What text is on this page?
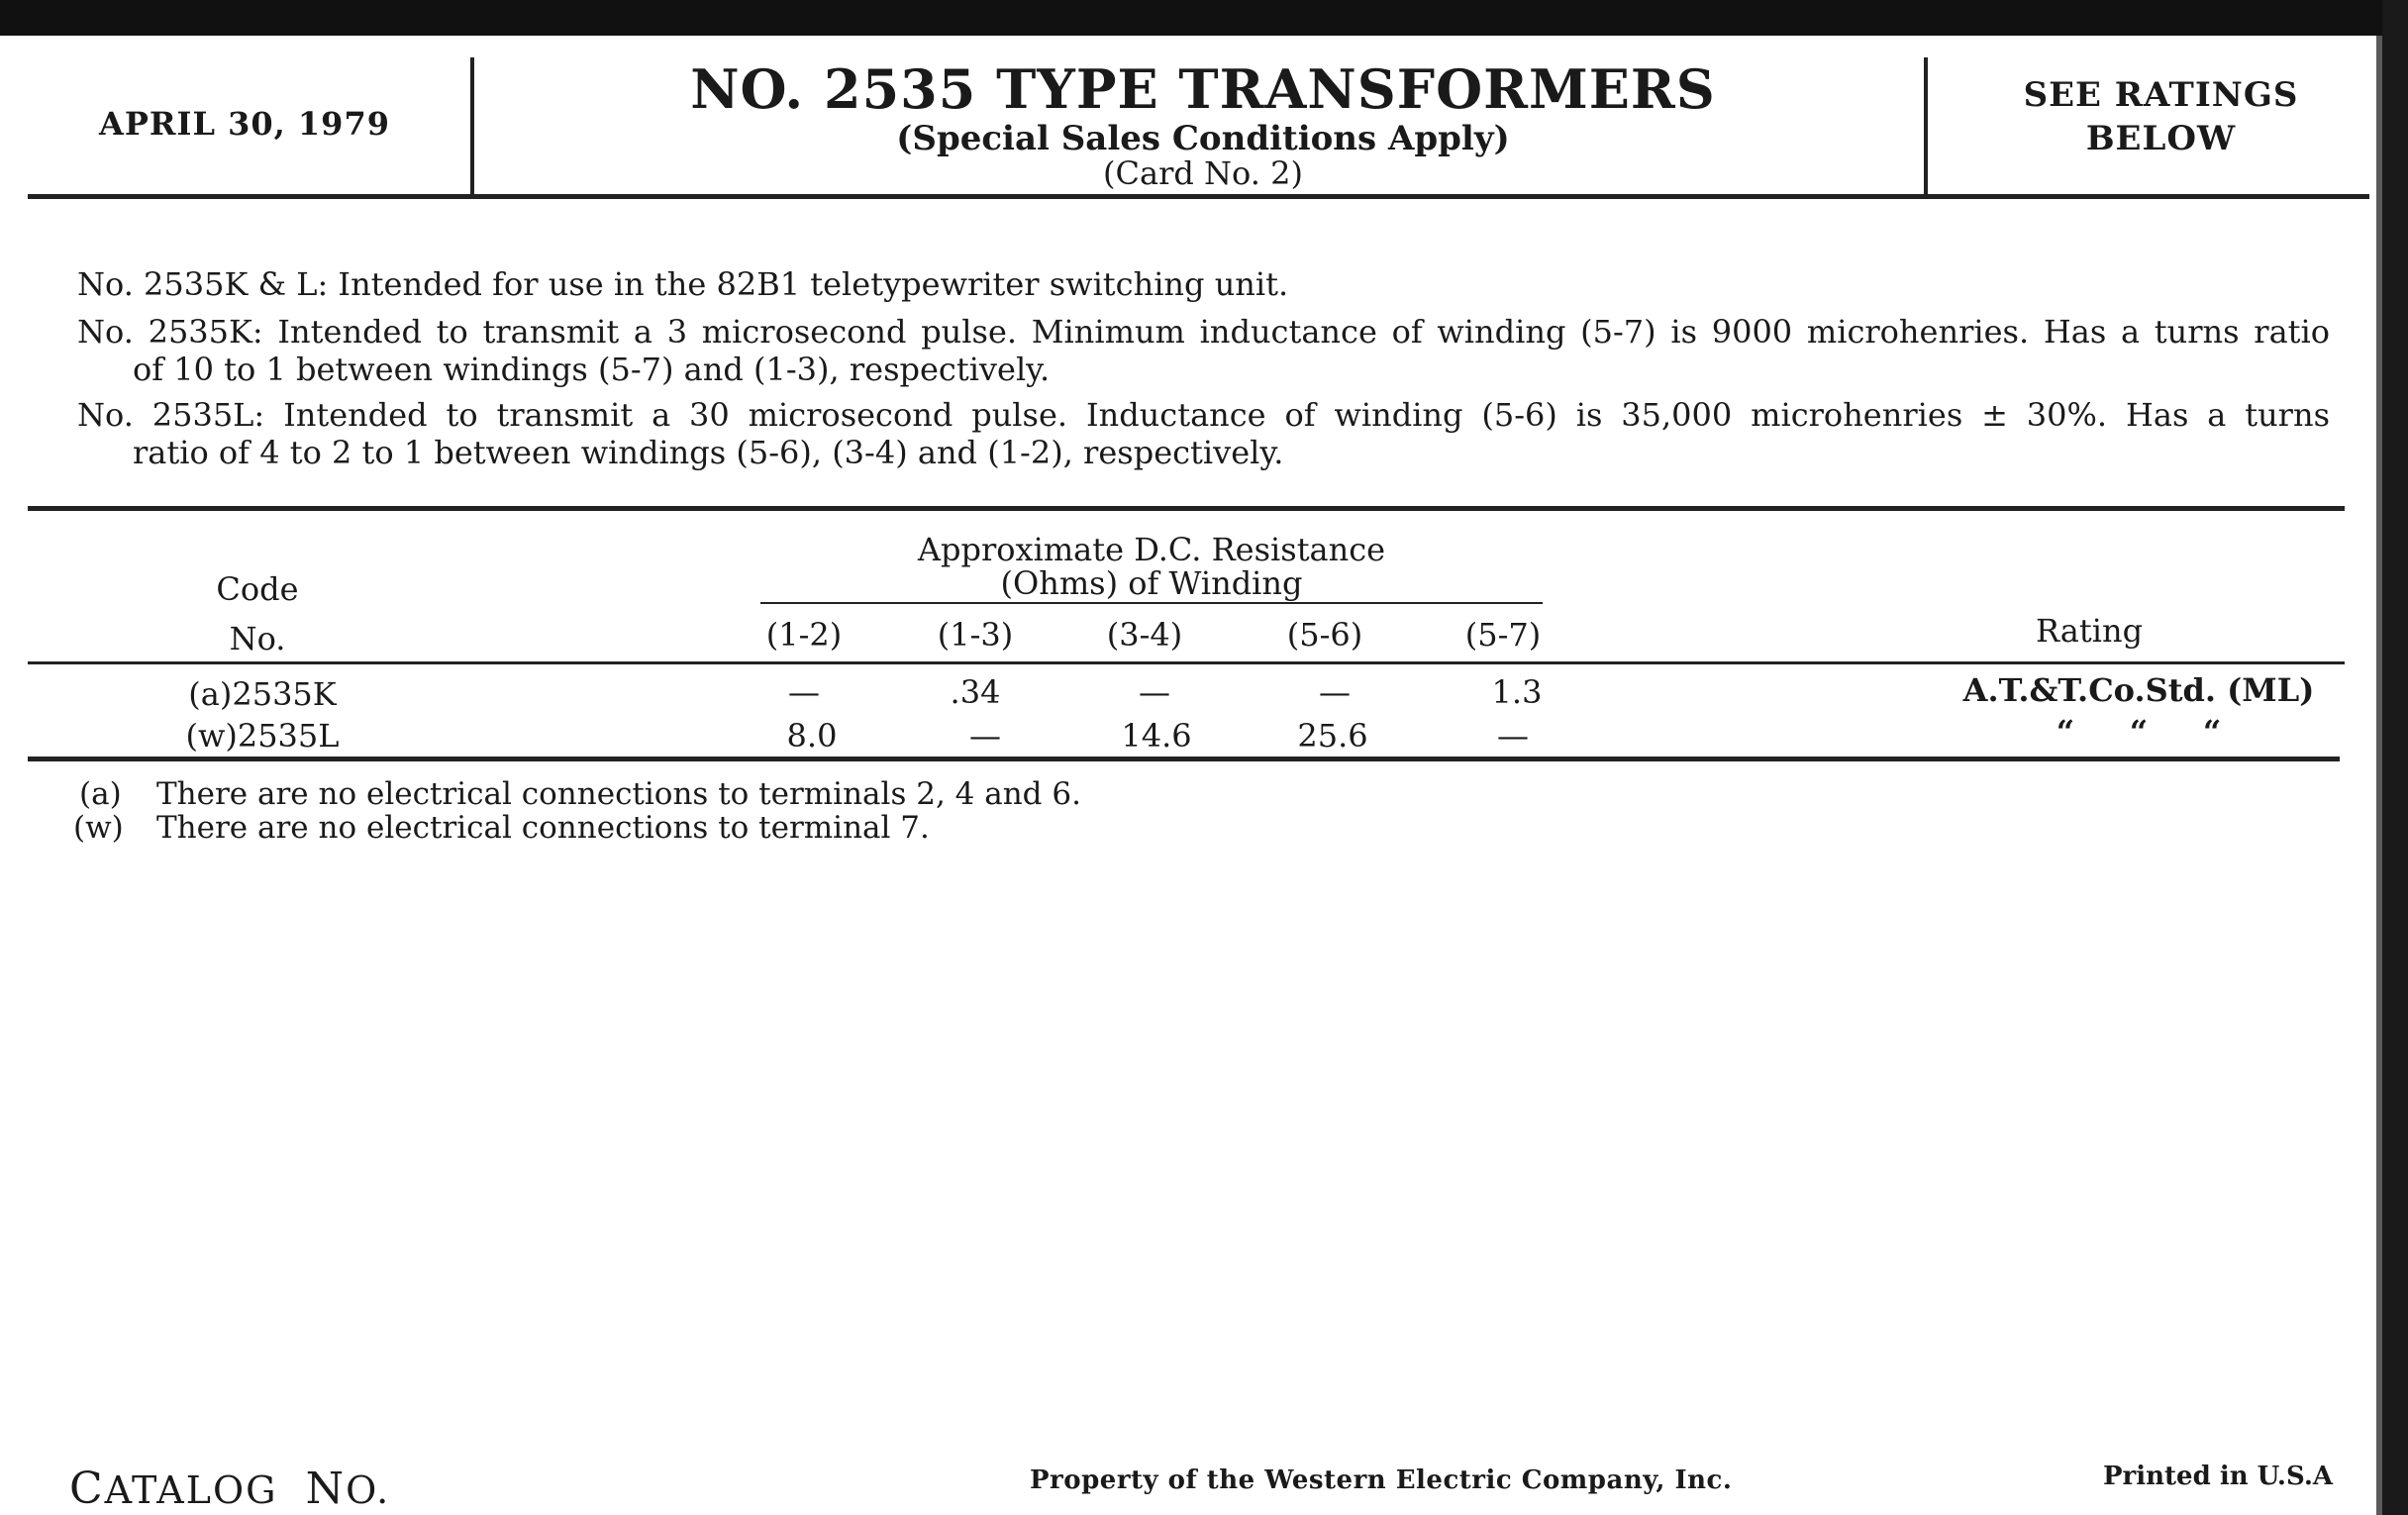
APRIL 30, 1979
NO. 2535 TYPE TRANSFORMERS
(Special Sales Conditions Apply)
(Card No. 2)
SEE RATINGS
BELOW
No. 2535K & L: Intended for use in the 82B1 teletypewriter switching unit.
No. 2535K: Intended to transmit a 3 microsecond pulse. Minimum inductance of winding (5-7) is 9000 microhenries. Has a turns ratio
of 10 to 1 between windings (5-7) and (1-3), respectively.
No. 2535L: Intended to transmit a 30 microsecond pulse. Inductance of winding (5-6) is 35,000 microhenries ± 30%. Has a turns
ratio of 4 to 2 to 1 between windings (5-6), (3-4) and (1-2), respectively.
Code
No.
Approximate D.C. Resistance
(Ohms) of Winding
(1-2)	(1-3)	(3-4)	(5-6)	(5-7)	Rating
(a)2535K	—	.34	—	—	1.3	A.T.&T.Co.Std. (ML)
(w)2535L	8.0	—	14.6	25.6	—	“     “     “
(a) There are no electrical connections to terminals 2, 4 and 6.
(w) There are no electrical connections to terminal 7.
CATALOG NO.	Property of the Western Electric Company, Inc.	Printed in U.S.A
